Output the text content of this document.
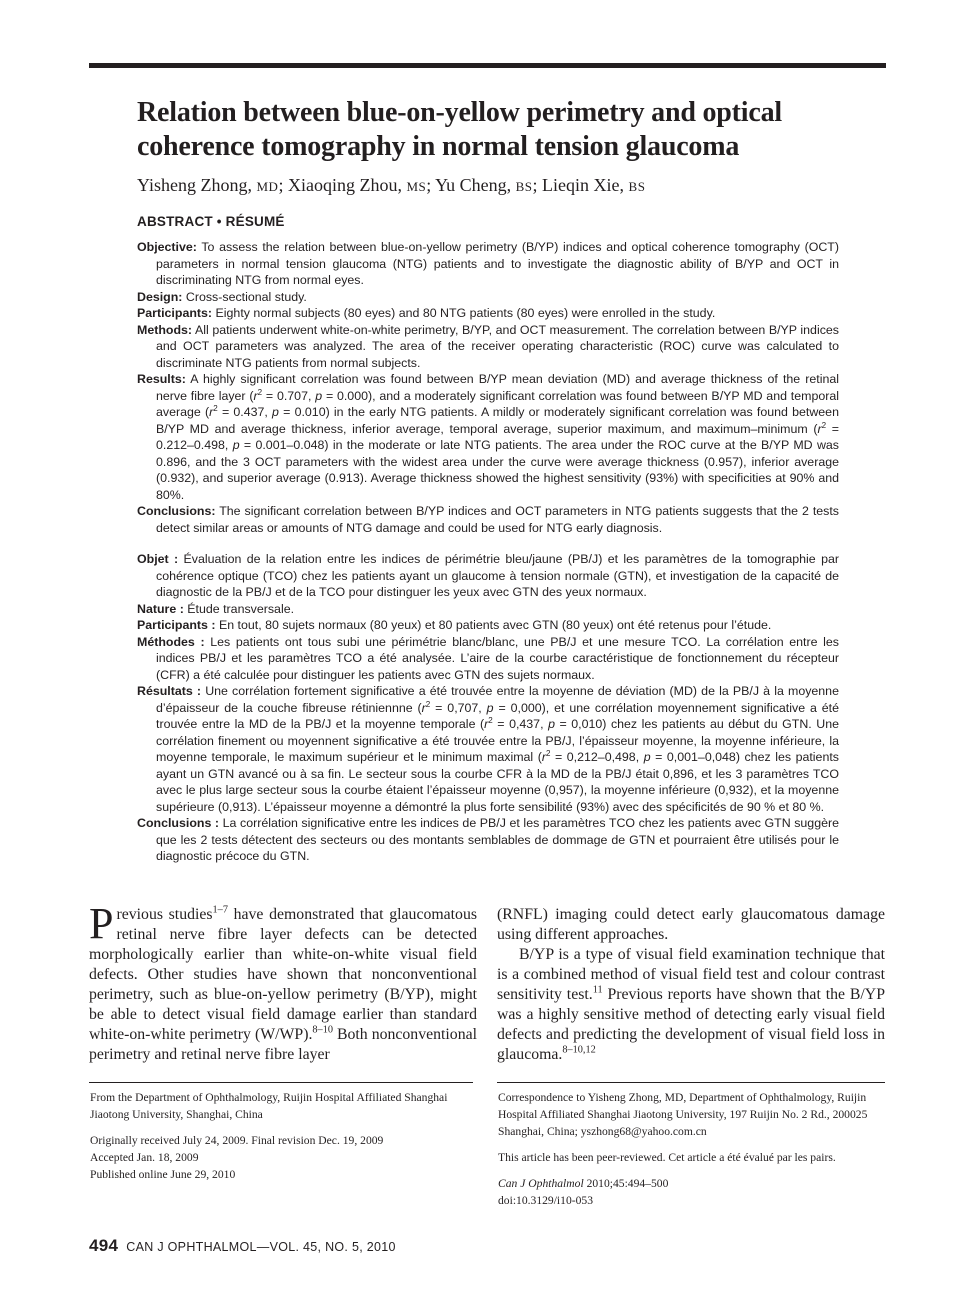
Relation between blue-on-yellow perimetry and optical coherence tomography in normal tension glaucoma
Yisheng Zhong, MD; Xiaoqing Zhou, MS; Yu Cheng, BS; Lieqin Xie, BS
ABSTRACT • RÉSUMÉ

Objective: To assess the relation between blue-on-yellow perimetry (B/YP) indices and optical coherence tomography (OCT) parameters in normal tension glaucoma (NTG) patients and to investigate the diagnostic ability of B/YP and OCT in discriminating NTG from normal eyes.

Design: Cross-sectional study.

Participants: Eighty normal subjects (80 eyes) and 80 NTG patients (80 eyes) were enrolled in the study.

Methods: All patients underwent white-on-white perimetry, B/YP, and OCT measurement. The correlation between B/YP indices and OCT parameters was analyzed. The area of the receiver operating characteristic (ROC) curve was calculated to discriminate NTG patients from normal subjects.

Results: A highly significant correlation was found between B/YP mean deviation (MD) and average thickness of the retinal nerve fibre layer ($r^2 = 0.707$, p = 0.000), and a moderately significant correlation was found between B/YP MD and temporal average ($r^2 = 0.437$, p = 0.010) in the early NTG patients. A mildly or moderately significant correlation was found between B/YP MD and average thickness, inferior average, temporal average, superior maximum, and maximum–minimum ($r^2 = 0.212-0.498$, p = 0.001–0.048) in the moderate or late NTG patients. The area under the ROC curve at the B/YP MD was 0.896, and the 3 OCT parameters with the widest area under the curve were average thickness (0.957), inferior average (0.932), and superior average (0.913). Average thickness showed the highest sensitivity (93%) with specificities at 90% and 80%.

Conclusions: The significant correlation between B/YP indices and OCT parameters in NTG patients suggests that the 2 tests detect similar areas or amounts of NTG damage and could be used for NTG early diagnosis.

Objet : Évaluation de la relation entre les indices de périmétrie bleu/jaune (PB/J) et les paramètres de la tomographie par cohérence optique (TCO) chez les patients ayant un glaucome à tension normale (GTN), et investigation de la capacité de diagnostic de la PB/J et de la TCO pour distinguer les yeux avec GTN des yeux normaux.

Nature : Étude transversale.

Participants : En tout, 80 sujets normaux (80 yeux) et 80 patients avec GTN (80 yeux) ont été retenus pour l’étude.

Méthodes : Les patients ont tous subi une périmétrie blanc/blanc, une PB/J et une mesure TCO. La corrélation entre les indices PB/J et les paramètres TCO a été analysée. L’aire de la courbe caractéristique de fonctionnement du récepteur (CFR) a été calculée pour distinguer les patients avec GTN des sujets normaux.

Résultats : Une corrélation fortement significative a été trouvée entre la moyenne de déviation (MD) de la PB/J à la moyenne d’épaisseur de la couche fibreuse rétiniennne ($r^2 = 0,707$, p = 0,000), et une corrélation moyennement significative a été trouvée entre la MD de la PB/J et la moyenne temporale ($r^2 = 0,437$, p = 0,010) chez les patients au début du GTN. Une corrélation finement ou moyennent significative a été trouvée entre la PB/J, l’épaisseur moyenne, la moyenne inférieure, la moyenne temporale, le maximum supérieur et le minimum maximal ($r^2 = 0,212-0,498$, p = 0,001–0,048) chez les patients ayant un GTN avancé ou à sa fin. Le secteur sous la courbe CFR à la MD de la PB/J était 0,896, et les 3 paramètres TCO avec le plus large secteur sous la courbe étaient l’épaisseur moyenne (0,957), la moyenne inférieure (0,932), et la moyenne supérieure (0,913). L’épaisseur moyenne a démontré la plus forte sensibilité (93%) avec des spécificités de 90 % et 80 %.

Conclusions : La corrélation significative entre les indices de PB/J et les paramètres TCO chez les patients avec GTN suggère que les 2 tests détectent des secteurs ou des montants semblables de dommage de GTN et pourraient être utilisés pour le diagnostic précoce du GTN.

Previous studies$^{1-7}$ have demonstrated that glaucomatous retinal nerve fibre layer defects can be detected morphologically earlier than white-on-white visual field defects. Other studies have shown that nonconventional perimetry, such as blue-on-yellow perimetry (B/YP), might be able to detect visual field damage earlier than standard white-on-white perimetry (W/WP).$^{8-10}$ Both nonconventional perimetry and retinal nerve fibre layer

(RNFL) imaging could detect early glaucomatous damage using different approaches.

B/YP is a type of visual field examination technique that is a combined method of visual field test and colour contrast sensitivity test.$^{11}$ Previous reports have shown that the B/YP was a highly sensitive method of detecting early visual field defects and predicting the development of visual field loss in glaucoma.$^{8-10,12}$

From the Department of Ophthalmology, Ruijin Hospital Affiliated Shanghai Jiaotong University, Shanghai, China

Originally received July 24, 2009. Final revision Dec. 19, 2009
Accepted Jan. 18, 2009
Published online June 29, 2010

Correspondence to Yisheng Zhong, MD, Department of Ophthalmology, Ruijin Hospital Affiliated Shanghai Jiaotong University, 197 Ruijin No. 2 Rd., 200025 Shanghai, China; yszhong68@yahoo.com.cn

This article has been peer-reviewed. Cet article a été évalué par les pairs.

Can J Ophthalmol 2010;45:494–500
doi:10.3129/i10-053

494 CAN J OPHTHALMOL—VOL. 45, NO. 5, 2010
